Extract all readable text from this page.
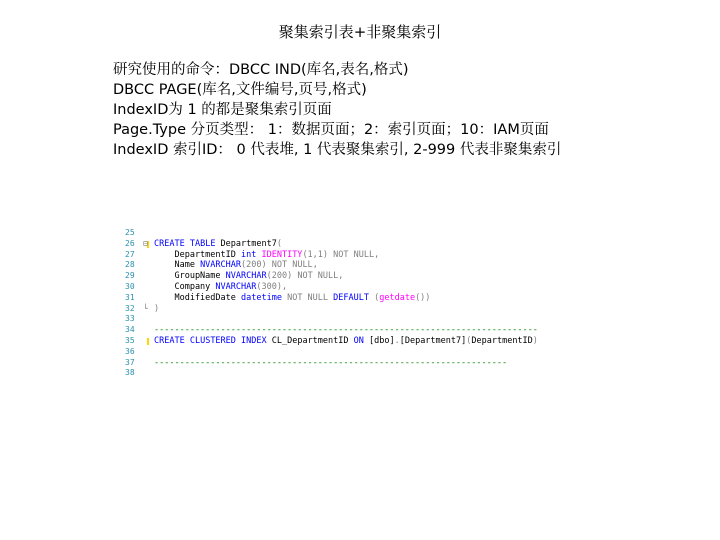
聚集索引表+非聚集索引
研究使用的命令：DBCC IND(库名,表名,格式)
DBCC PAGE(库名,文件编号,页号,格式)
IndexID为 1 的都是聚集索引页面
Page.Type 分页类型： 1：数据页面；2：索引页面；10：IAM页面
IndexID 索引ID： 0 代表堆, 1 代表聚集索引, 2-999 代表非聚集索引
25
26 ⊟ CREATE TABLE Department7(
27 DepartmentID int IDENTITY(1,1) NOT NULL,
28 Name NVARCHAR(200) NOT NULL,
29 GroupName NVARCHAR(200) NOT NULL,
30 Company NVARCHAR(300),
31 ModifiedDate datetime NOT NULL DEFAULT (getdate())
32 └ )
33
34 ---------------------------------------------------------------------------
35 CREATE CLUSTERED INDEX CL_DepartmentID ON [dbo].[Department7](DepartmentID)
36
37 ---------------------------------------------------------------------
38
